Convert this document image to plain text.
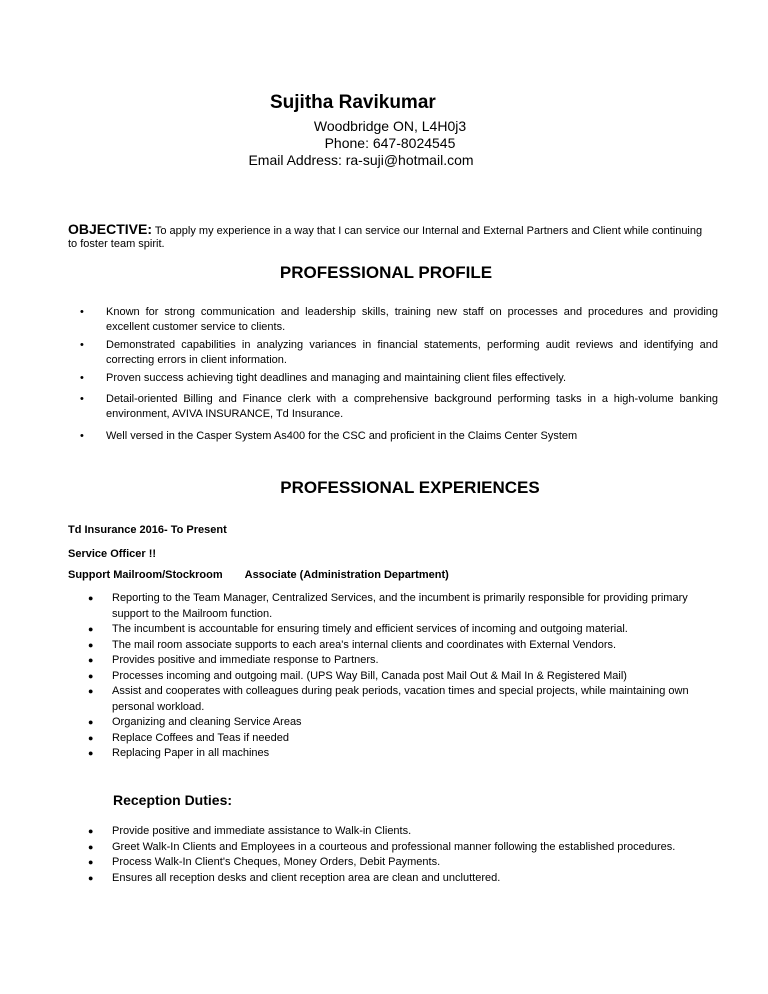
Sujitha Ravikumar
Woodbridge ON, L4H0j3
Phone: 647-8024545
Email Address: ra-suji@hotmail.com
OBJECTIVE: To apply my experience in a way that I can service our Internal and External Partners and Client while continuing to foster team spirit.
PROFESSIONAL PROFILE
• Known for strong communication and leadership skills, training new staff on processes and procedures and providing excellent customer service to clients.
• Demonstrated capabilities in analyzing variances in financial statements, performing audit reviews and identifying and correcting errors in client information.
• Proven success achieving tight deadlines and managing and maintaining client files effectively.
• Detail-oriented Billing and Finance clerk with a comprehensive background performing tasks in a high-volume banking environment, AVIVA INSURANCE, Td Insurance.
• Well versed in the Casper System As400 for the CSC and proficient in the Claims Center System
PROFESSIONAL EXPERIENCES
Td Insurance 2016- To Present
Service Officer !!
Support Mailroom/Stockroom Associate (Administration Department)
● Reporting to the Team Manager, Centralized Services, and the incumbent is primarily responsible for providing primary support to the Mailroom function.
● The incumbent is accountable for ensuring timely and efficient services of incoming and outgoing material.
● The mail room associate supports to each area's internal clients and coordinates with External Vendors.
● Provides positive and immediate response to Partners.
● Processes incoming and outgoing mail. (UPS Way Bill, Canada post Mail Out & Mail In & Registered Mail)
● Assist and cooperates with colleagues during peak periods, vacation times and special projects, while maintaining own personal workload.
● Organizing and cleaning Service Areas
● Replace Coffees and Teas if needed
● Replacing Paper in all machines
Reception Duties:
● Provide positive and immediate assistance to Walk-in Clients.
● Greet Walk-In Clients and Employees in a courteous and professional manner following the established procedures.
● Process Walk-In Client's Cheques, Money Orders, Debit Payments.
● Ensures all reception desks and client reception area are clean and uncluttered.
